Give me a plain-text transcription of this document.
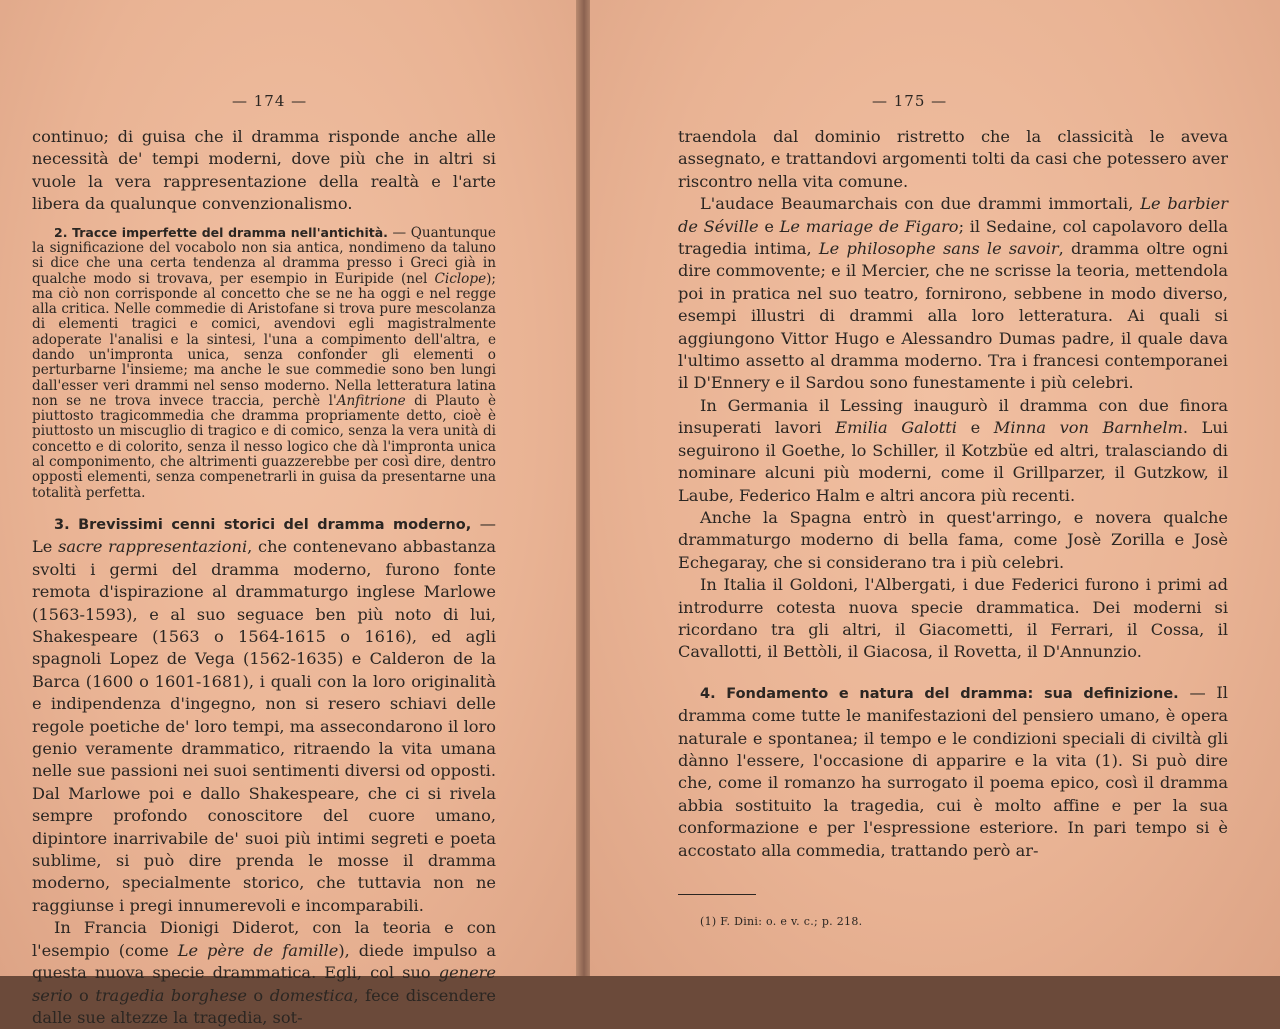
— 174 —

continuo; di guisa che il dramma risponde anche alle necessità de' tempi moderni, dove più che in altri si vuole la vera rappresentazione della realtà e l'arte libera da qualunque convenzionalismo.

2. Tracce imperfette del dramma nell'antichità. — Quantunque la significazione del vocabolo non sia antica, nondimeno da taluno si dice che una certa tendenza al dramma presso i Greci già in qualche modo si trovava, per esempio in Euripide (nel Ciclope); ma ciò non corrisponde al concetto che se ne ha oggi e nel regge alla critica. Nelle commedie di Aristofane si trova pure mescolanza di elementi tragici e comici, avendovi egli magistralmente adoperate l'analisi e la sintesi, l'una a compimento dell'altra, e dando un'impronta unica, senza confonder gli elementi o perturbarne l'insieme; ma anche le sue commedie sono ben lungi dall'esser veri drammi nel senso moderno. Nella letteratura latina non se ne trova invece traccia, perchè l'Anfitrione di Plauto è piuttosto tragicommedia che dramma propriamente detto, cioè è piuttosto un miscuglio di tragico e di comico, senza la vera unità di concetto e di colorito, senza il nesso logico che dà l'impronta unica al componimento, che altrimenti guazzerebbe per così dire, dentro opposti elementi, senza compenetrarli in guisa da presentarne una totalità perfetta.

3. Brevissimi cenni storici del dramma moderno, — Le sacre rappresentazioni, che contenevano abbastanza svolti i germi del dramma moderno, furono fonte remota d'ispirazione al drammaturgo inglese Marlowe (1563-1593), e al suo seguace ben più noto di lui, Shakespeare (1563 o 1564-1615 o 1616), ed agli spagnoli Lopez de Vega (1562-1635) e Calderon de la Barca (1600 o 1601-1681), i quali con la loro originalità e indipendenza d'ingegno, non si resero schiavi delle regole poetiche de' loro tempi, ma assecondarono il loro genio veramente drammatico, ritraendo la vita umana nelle sue passioni nei suoi sentimenti diversi od opposti. Dal Marlowe poi e dallo Shakespeare, che ci si rivela sempre profondo conoscitore del cuore umano, dipintore inarrivabile de' suoi più intimi segreti e poeta sublime, si può dire prenda le mosse il dramma moderno, specialmente storico, che tuttavia non ne raggiunse i pregi innumerevoli e incomparabili.

In Francia Dionigi Diderot, con la teoria e con l'esempio (come Le père de famille), diede impulso a questa nuova specie drammatica. Egli, col suo genere serio o tragedia borghese o domestica, fece discendere dalle sue altezze la tragedia, sot-

— 175 —

traendola dal dominio ristretto che la classicità le aveva assegnato, e trattandovi argomenti tolti da casi che potessero aver riscontro nella vita comune.

L'audace Beaumarchais con due drammi immortali, Le barbier de Séville e Le mariage de Figaro; il Sedaine, col capolavoro della tragedia intima, Le philosophe sans le savoir, dramma oltre ogni dire commovente; e il Mercier, che ne scrisse la teoria, mettendola poi in pratica nel suo teatro, fornirono, sebbene in modo diverso, esempi illustri di drammi alla loro letteratura. Ai quali si aggiungono Vittor Hugo e Alessandro Dumas padre, il quale dava l'ultimo assetto al dramma moderno. Tra i francesi contemporanei il D'Ennery e il Sardou sono funestamente i più celebri.

In Germania il Lessing inaugurò il dramma con due finora insuperati lavori Emilia Galotti e Minna von Barnhelm. Lui seguirono il Goethe, lo Schiller, il Kotzbüe ed altri, tralasciando di nominare alcuni più moderni, come il Grillparzer, il Gutzkow, il Laube, Federico Halm e altri ancora più recenti.

Anche la Spagna entrò in quest'arringo, e novera qualche drammaturgo moderno di bella fama, come Josè Zorilla e Josè Echegaray, che si considerano tra i più celebri.

In Italia il Goldoni, l'Albergati, i due Federici furono i primi ad introdurre cotesta nuova specie drammatica. Dei moderni si ricordano tra gli altri, il Giacometti, il Ferrari, il Cossa, il Cavallotti, il Bettòli, il Giacosa, il Rovetta, il D'Annunzio.

4. Fondamento e natura del dramma: sua definizione. — Il dramma come tutte le manifestazioni del pensiero umano, è opera naturale e spontanea; il tempo e le condizioni speciali di civiltà gli dànno l'essere, l'occasione di apparire e la vita (1). Si può dire che, come il romanzo ha surrogato il poema epico, così il dramma abbia sostituito la tragedia, cui è molto affine e per la sua conformazione e per l'espressione esteriore. In pari tempo si è accostato alla commedia, trattando però ar-

(1) F. Dini: o. e v. c.; p. 218.
